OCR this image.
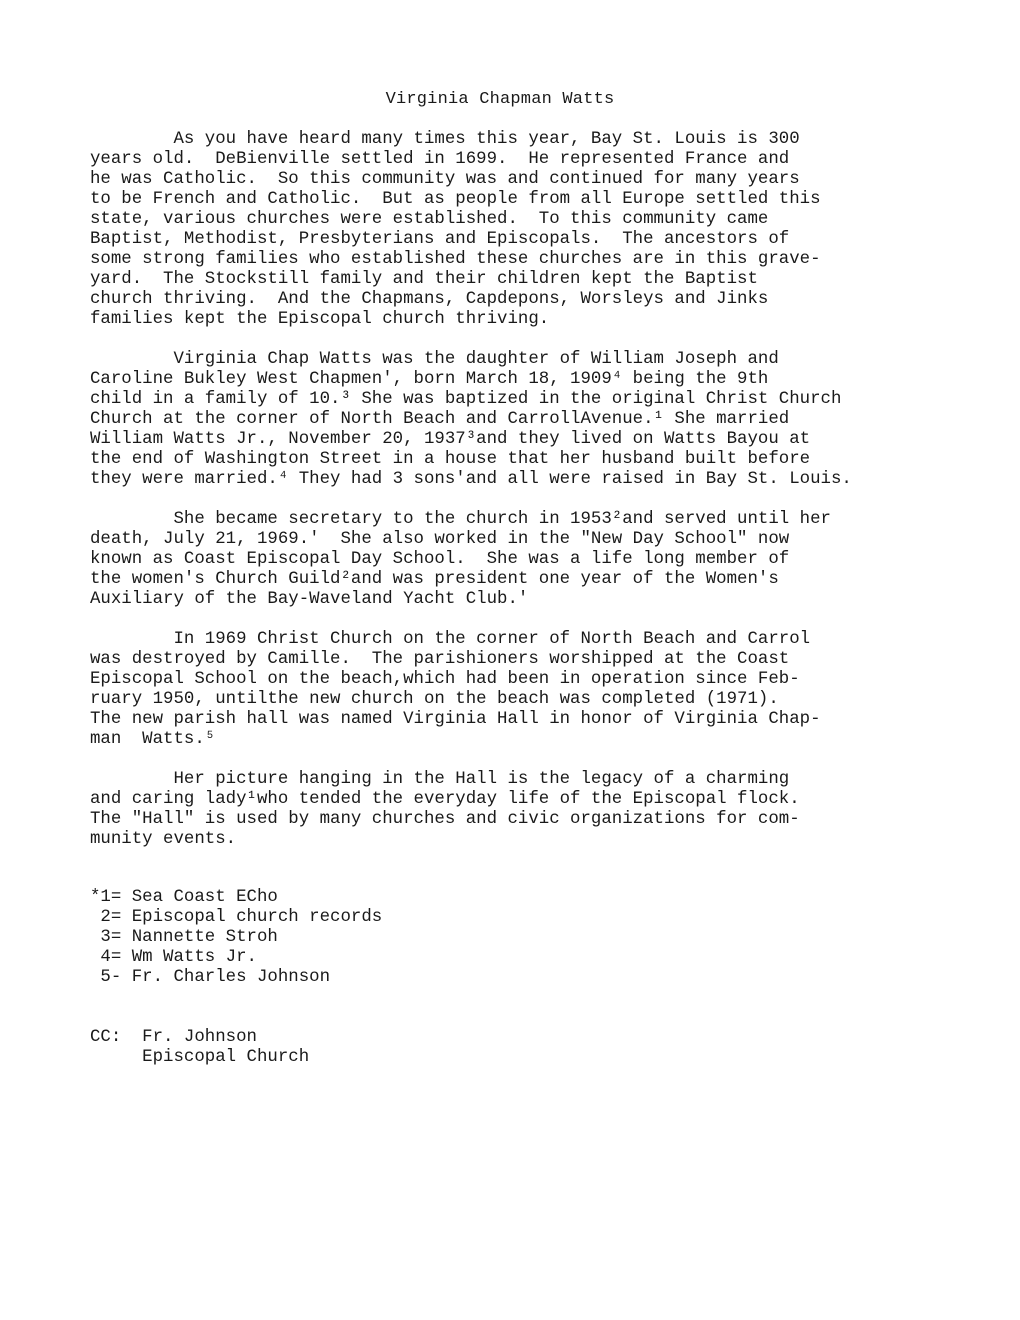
Virginia Chapman Watts
As you have heard many times this year, Bay St. Louis is 300
years old.  DeBienville settled in 1699.  He represented France and
he was Catholic.  So this community was and continued for many years
to be French and Catholic.  But as people from all Europe settled this
state, various churches were established.  To this community came
Baptist, Methodist, Presbyterians and Episcopals.  The ancestors of
some strong families who established these churches are in this grave-
yard.  The Stockstill family and their children kept the Baptist
church thriving.  And the Chapmans, Capdepons, Worsleys and Jinks
families kept the Episcopal church thriving.
Virginia Chap Watts was the daughter of William Joseph and
Caroline Bukley West Chapmen', born March 18, 1909⁴ being the 9th
child in a family of 10.³ She was baptized in the original Christ Church
Church at the corner of North Beach and CarrollAvenue.¹ She married
William Watts Jr., November 20, 1937³and they lived on Watts Bayou at
the end of Washington Street in a house that her husband built before
they were married.⁴ They had 3 sons'and all were raised in Bay St. Louis.
She became secretary to the church in 1953²and served until her
death, July 21, 1969.'  She also worked in the "New Day School" now
known as Coast Episcopal Day School.  She was a life long member of
the women's Church Guild²and was president one year of the Women's
Auxiliary of the Bay-Waveland Yacht Club.'
In 1969 Christ Church on the corner of North Beach and Carrol
was destroyed by Camille.  The parishioners worshipped at the Coast
Episcopal School on the beach,which had been in operation since Feb-
ruary 1950, untilthe new church on the beach was completed (1971).
The new parish hall was named Virginia Hall in honor of Virginia Chap-
man  Watts.⁵
Her picture hanging in the Hall is the legacy of a charming
and caring lady¹who tended the everyday life of the Episcopal flock.
The "Hall" is used by many churches and civic organizations for com-
munity events.
*1= Sea Coast ECho
2= Episcopal church records
3= Nannette Stroh
4= Wm Watts Jr.
5- Fr. Charles Johnson
CC:  Fr. Johnson
Episcopal Church
